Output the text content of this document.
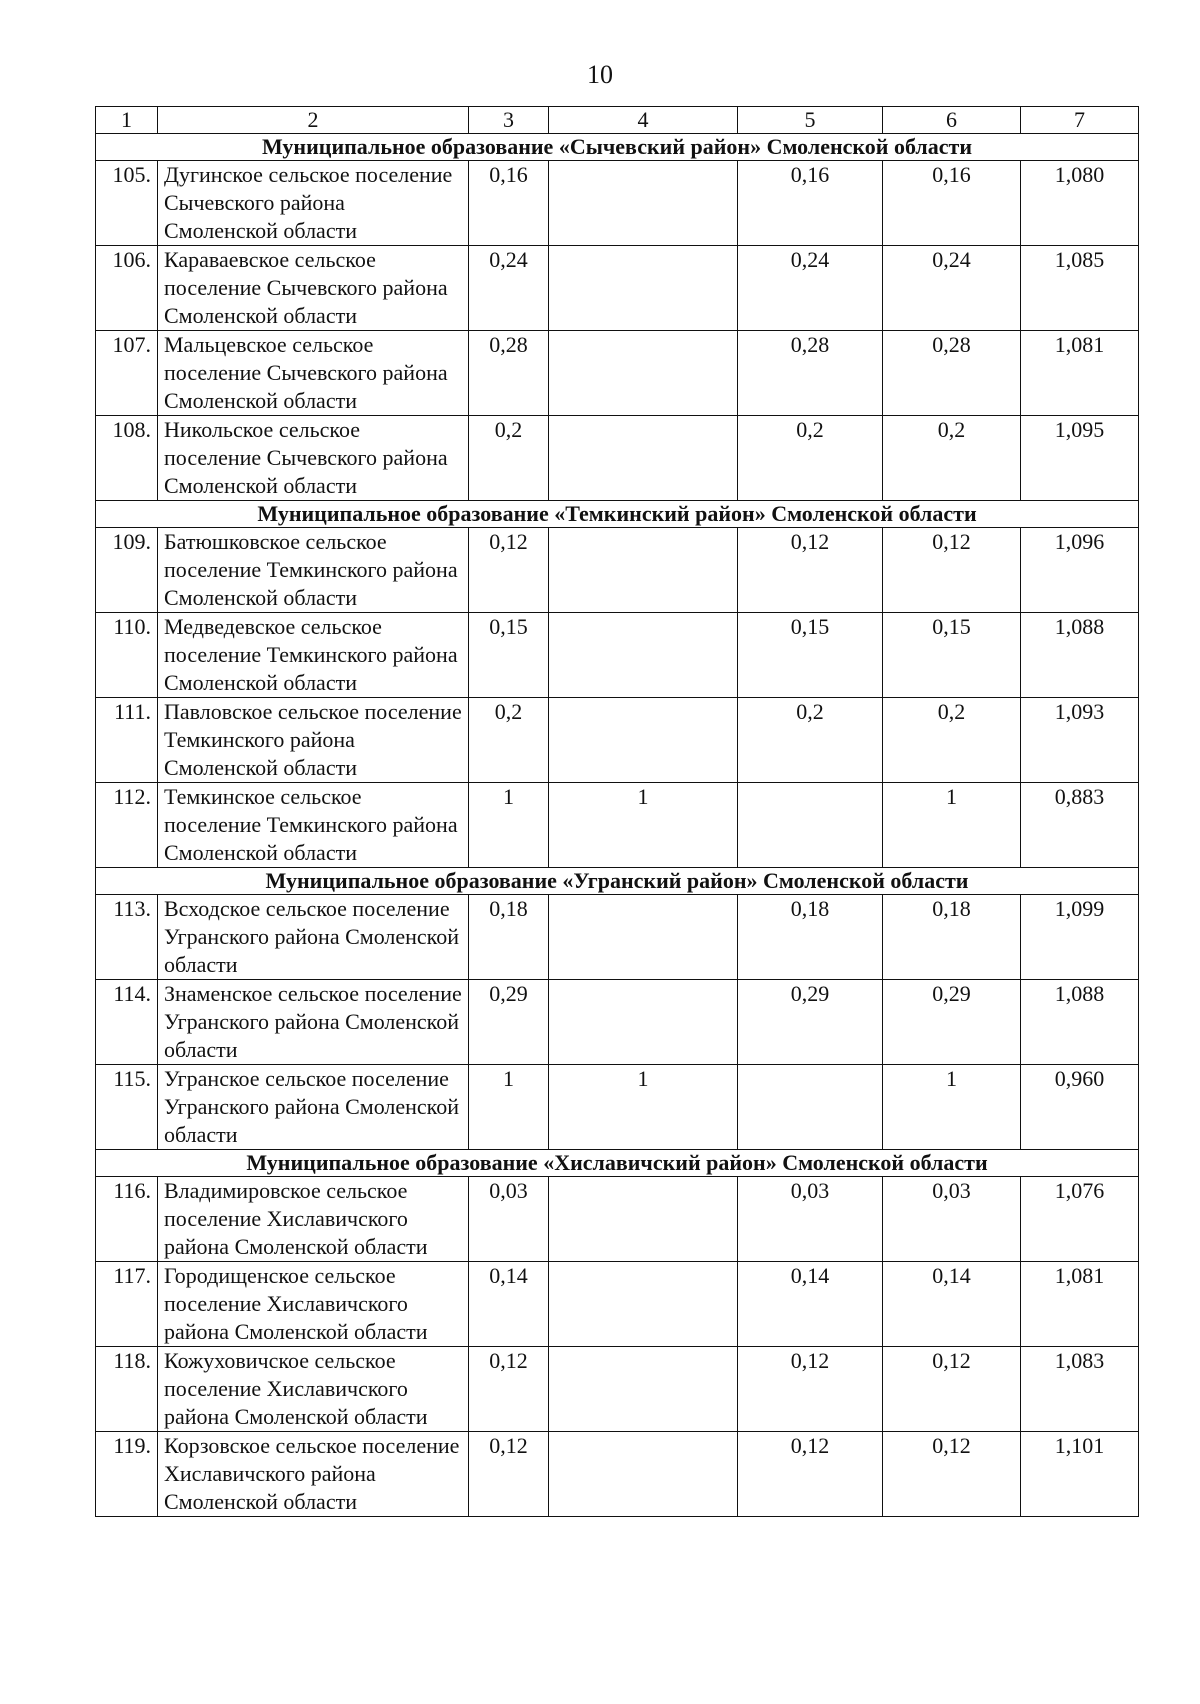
10
1	2	3	4	5	6	7
Муниципальное образование «Сычевский район» Смоленской области						
105.	Дугинское сельское поселение Сычевского района Смоленской области	0,16		0,16	0,16	1,080
106.	Караваевское сельское поселение Сычевского района Смоленской области	0,24		0,24	0,24	1,085
107.	Мальцевское сельское поселение Сычевского района Смоленской области	0,28		0,28	0,28	1,081
108.	Никольское сельское поселение Сычевского района Смоленской области	0,2		0,2	0,2	1,095
Муниципальное образование «Темкинский район» Смоленской области						
109.	Батюшковское сельское поселение Темкинского района Смоленской области	0,12		0,12	0,12	1,096
110.	Медведевское сельское поселение Темкинского района Смоленской области	0,15		0,15	0,15	1,088
111.	Павловское сельское поселение Темкинского района Смоленской области	0,2		0,2	0,2	1,093
112.	Темкинское сельское поселение Темкинского района Смоленской области	1	1		1	0,883
Муниципальное образование «Угранский район» Смоленской области						
113.	Всходское сельское поселение Угранского района Смоленской области	0,18		0,18	0,18	1,099
114.	Знаменское сельское поселение Угранского района Смоленской области	0,29		0,29	0,29	1,088
115.	Угранское сельское поселение Угранского района Смоленской области	1	1		1	0,960
Муниципальное образование «Хиславичский район» Смоленской области						
116.	Владимировское сельское поселение Хиславичского района Смоленской области	0,03		0,03	0,03	1,076
117.	Городищенское сельское поселение Хиславичского района Смоленской области	0,14		0,14	0,14	1,081
118.	Кожуховичское сельское поселение Хиславичского района Смоленской области	0,12		0,12	0,12	1,083
119.	Корзовское сельское поселение Хиславичского района Смоленской области	0,12		0,12	0,12	1,101
